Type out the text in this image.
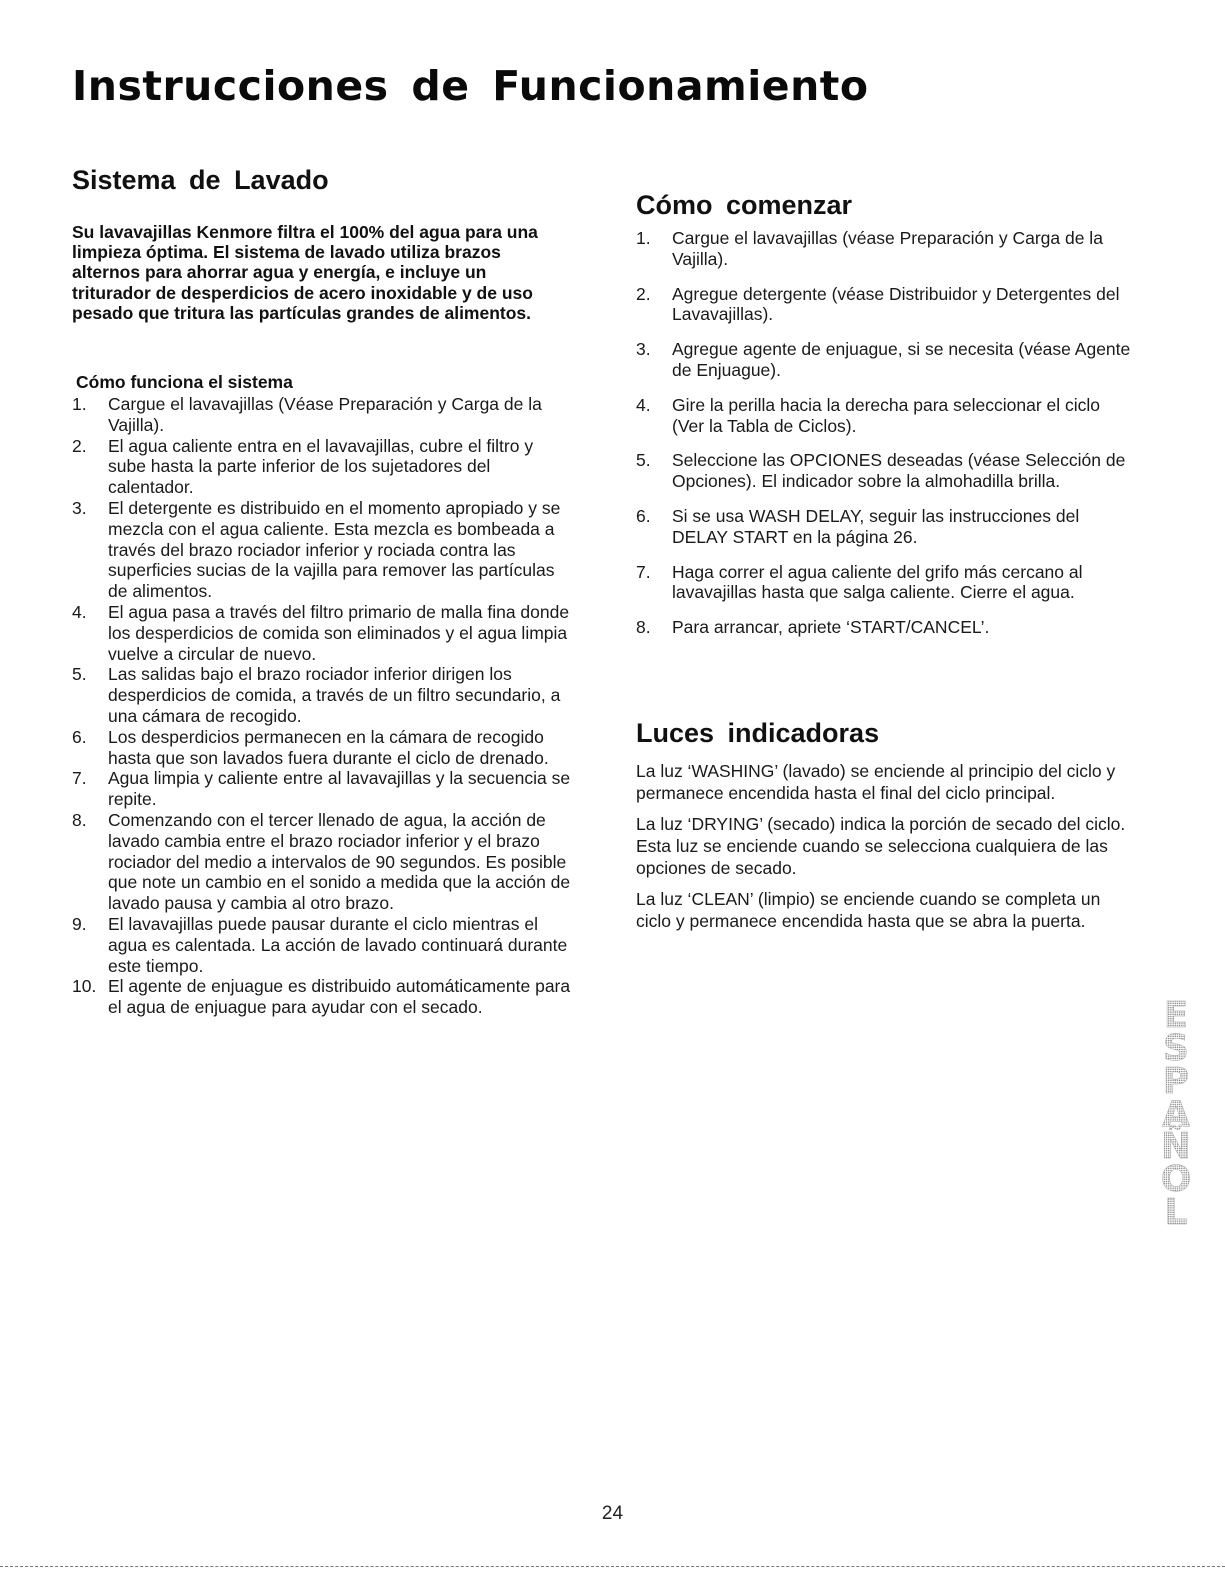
Instrucciones de Funcionamiento
Sistema de Lavado

Su lavavajillas Kenmore filtra el 100% del agua para una limpieza óptima. El sistema de lavado utiliza brazos alternos para ahorrar agua y energía, e incluye un triturador de desperdicios de acero inoxidable y de uso pesado que tritura las partículas grandes de alimentos.

Cómo funciona el sistema

1. Cargue el lavavajillas (Véase Preparación y Carga de la Vajilla).
2. El agua caliente entra en el lavavajillas, cubre el filtro y sube hasta la parte inferior de los sujetadores del calentador.
3. El detergente es distribuido en el momento apropiado y se mezcla con el agua caliente. Esta mezcla es bombeada a través del brazo rociador inferior y rociada contra las superficies sucias de la vajilla para remover las partículas de alimentos.
4. El agua pasa a través del filtro primario de malla fina donde los desperdicios de comida son eliminados y el agua limpia vuelve a circular de nuevo.
5. Las salidas bajo el brazo rociador inferior dirigen los desperdicios de comida, a través de un filtro secundario, a una cámara de recogido.
6. Los desperdicios permanecen en la cámara de recogido hasta que son lavados fuera durante el ciclo de drenado.
7. Agua limpia y caliente entre al lavavajillas y la secuencia se repite.
8. Comenzando con el tercer llenado de agua, la acción de lavado cambia entre el brazo rociador inferior y el brazo rociador del medio a intervalos de 90 segundos. Es posible que note un cambio en el sonido a medida que la acción de lavado pausa y cambia al otro brazo.
9. El lavavajillas puede pausar durante el ciclo mientras el agua es calentada. La acción de lavado continuará durante este tiempo.
10. El agente de enjuague es distribuido automáticamente para el agua de enjuague para ayudar con el secado.
Cómo comenzar
1. Cargue el lavavajillas (véase Preparación y Carga de la Vajilla).
2. Agregue detergente (véase Distribuidor y Detergentes del Lavavajillas).
3. Agregue agente de enjuague, si se necesita (véase Agente de Enjuague).
4. Gire la perilla hacia la derecha para seleccionar el ciclo (Ver la Tabla de Ciclos).
5. Seleccione las OPCIONES deseadas (véase Selección de Opciones). El indicador sobre la almohadilla brilla.
6. Si se usa WASH DELAY, seguir las instrucciones del DELAY START en la página 26.
7. Haga correr el agua caliente del grifo más cercano al lavavajillas hasta que salga caliente. Cierre el agua.
8. Para arrancar, apriete ‘START/CANCEL’.
Luces indicadoras

La luz ‘WASHING’ (lavado) se enciende al principio del ciclo y permanece encendida hasta el final del ciclo principal.

La luz ‘DRYING’ (secado) indica la porción de secado del ciclo. Esta luz se enciende cuando se selecciona cualquiera de las opciones de secado.

La luz ‘CLEAN’ (limpio) se enciende cuando se completa un ciclo y permanece encendida hasta que se abra la puerta.

E S P A Ñ O L
24
